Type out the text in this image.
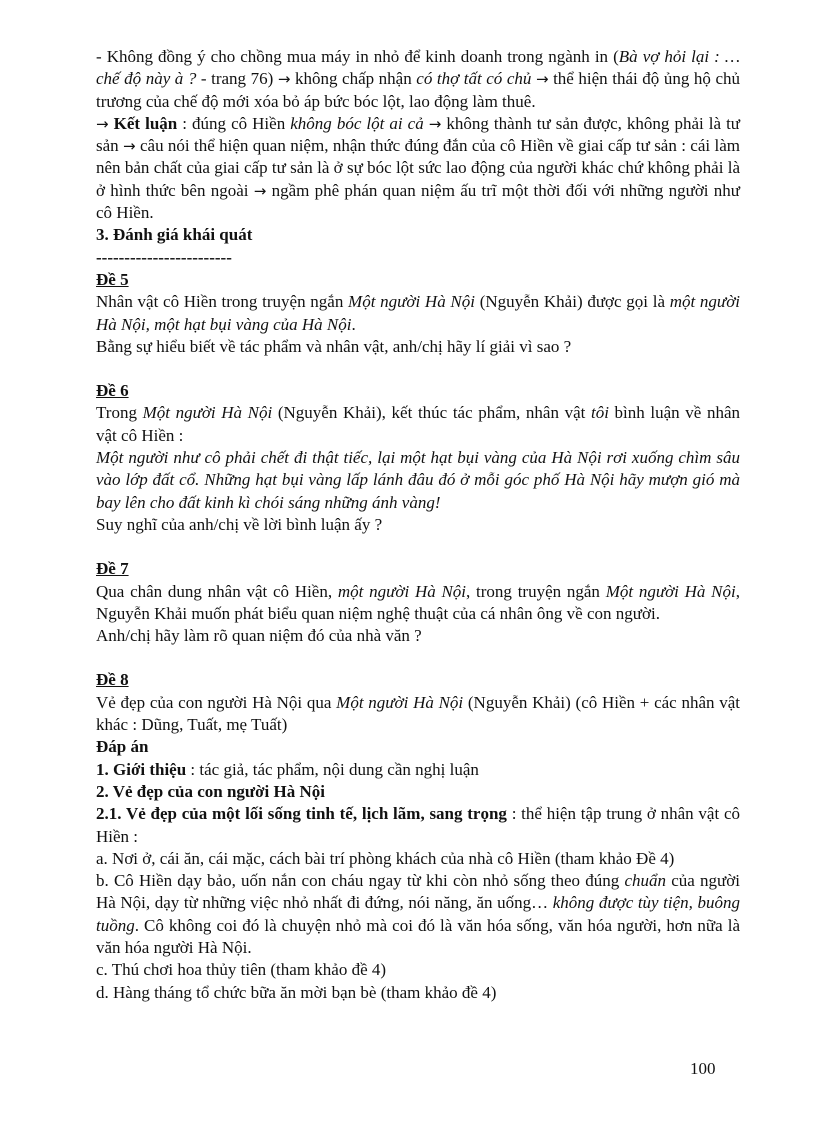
- Không đồng ý cho chồng mua máy in nhỏ để kinh doanh trong ngành in (Bà vợ hỏi lại : … chế độ này à ? - trang 76) → không chấp nhận có thợ tất có chủ → thể hiện thái độ ủng hộ chủ trương của chế độ mới xóa bỏ áp bức bóc lột, lao động làm thuê.

→ Kết luận : đúng cô Hiền không bóc lột ai cả → không thành tư sản được, không phải là tư sản → câu nói thể hiện quan niệm, nhận thức đúng đắn của cô Hiền về giai cấp tư sản : cái làm nên bản chất của giai cấp tư sản là ở sự bóc lột sức lao động của người khác chứ không phải là ở hình thức bên ngoài → ngầm phê phán quan niệm ấu trĩ một thời đối với những người như cô Hiền.

3. Đánh giá khái quát

------------------------

Đề 5

Nhân vật cô Hiền trong truyện ngắn Một người Hà Nội (Nguyễn Khải) được gọi là một người Hà Nội, một hạt bụi vàng của Hà Nội.

Bằng sự hiểu biết về tác phẩm và nhân vật, anh/chị hãy lí giải vì sao ?

Đề 6

Trong Một người Hà Nội (Nguyễn Khải), kết thúc tác phẩm, nhân vật tôi bình luận về nhân vật cô Hiền :

Một người như cô phải chết đi thật tiếc, lại một hạt bụi vàng của Hà Nội rơi xuống chìm sâu vào lớp đất cổ. Những hạt bụi vàng lấp lánh đâu đó ở mỗi góc phố Hà Nội hãy mượn gió mà bay lên cho đất kinh kì chói sáng những ánh vàng!

Suy nghĩ của anh/chị về lời bình luận ấy ?

Đề 7

Qua chân dung nhân vật cô Hiền, một người Hà Nội, trong truyện ngắn Một người Hà Nội, Nguyễn Khải muốn phát biểu quan niệm nghệ thuật của cá nhân ông về con người.

Anh/chị hãy làm rõ quan niệm đó của nhà văn ?

Đề 8

Vẻ đẹp của con người Hà Nội qua Một người Hà Nội (Nguyễn Khải) (cô Hiền + các nhân vật khác : Dũng, Tuất, mẹ Tuất)

Đáp án

1. Giới thiệu : tác giả, tác phẩm, nội dung cần nghị luận

2. Vẻ đẹp của con người Hà Nội

2.1. Vẻ đẹp của một lối sống tinh tế, lịch lãm, sang trọng : thể hiện tập trung ở nhân vật cô Hiền :

a. Nơi ở, cái ăn, cái mặc, cách bài trí phòng khách của nhà cô Hiền (tham khảo Đề 4)

b. Cô Hiền dạy bảo, uốn nắn con cháu ngay từ khi còn nhỏ sống theo đúng chuẩn của người Hà Nội, dạy từ những việc nhỏ nhất đi đứng, nói năng, ăn uống… không được tùy tiện, buông tuồng. Cô không coi đó là chuyện nhỏ mà coi đó là văn hóa sống, văn hóa người, hơn nữa là văn hóa người Hà Nội.

c. Thú chơi hoa thủy tiên (tham khảo đề 4)

d. Hàng tháng tổ chức bữa ăn mời bạn bè (tham khảo đề 4)

100
